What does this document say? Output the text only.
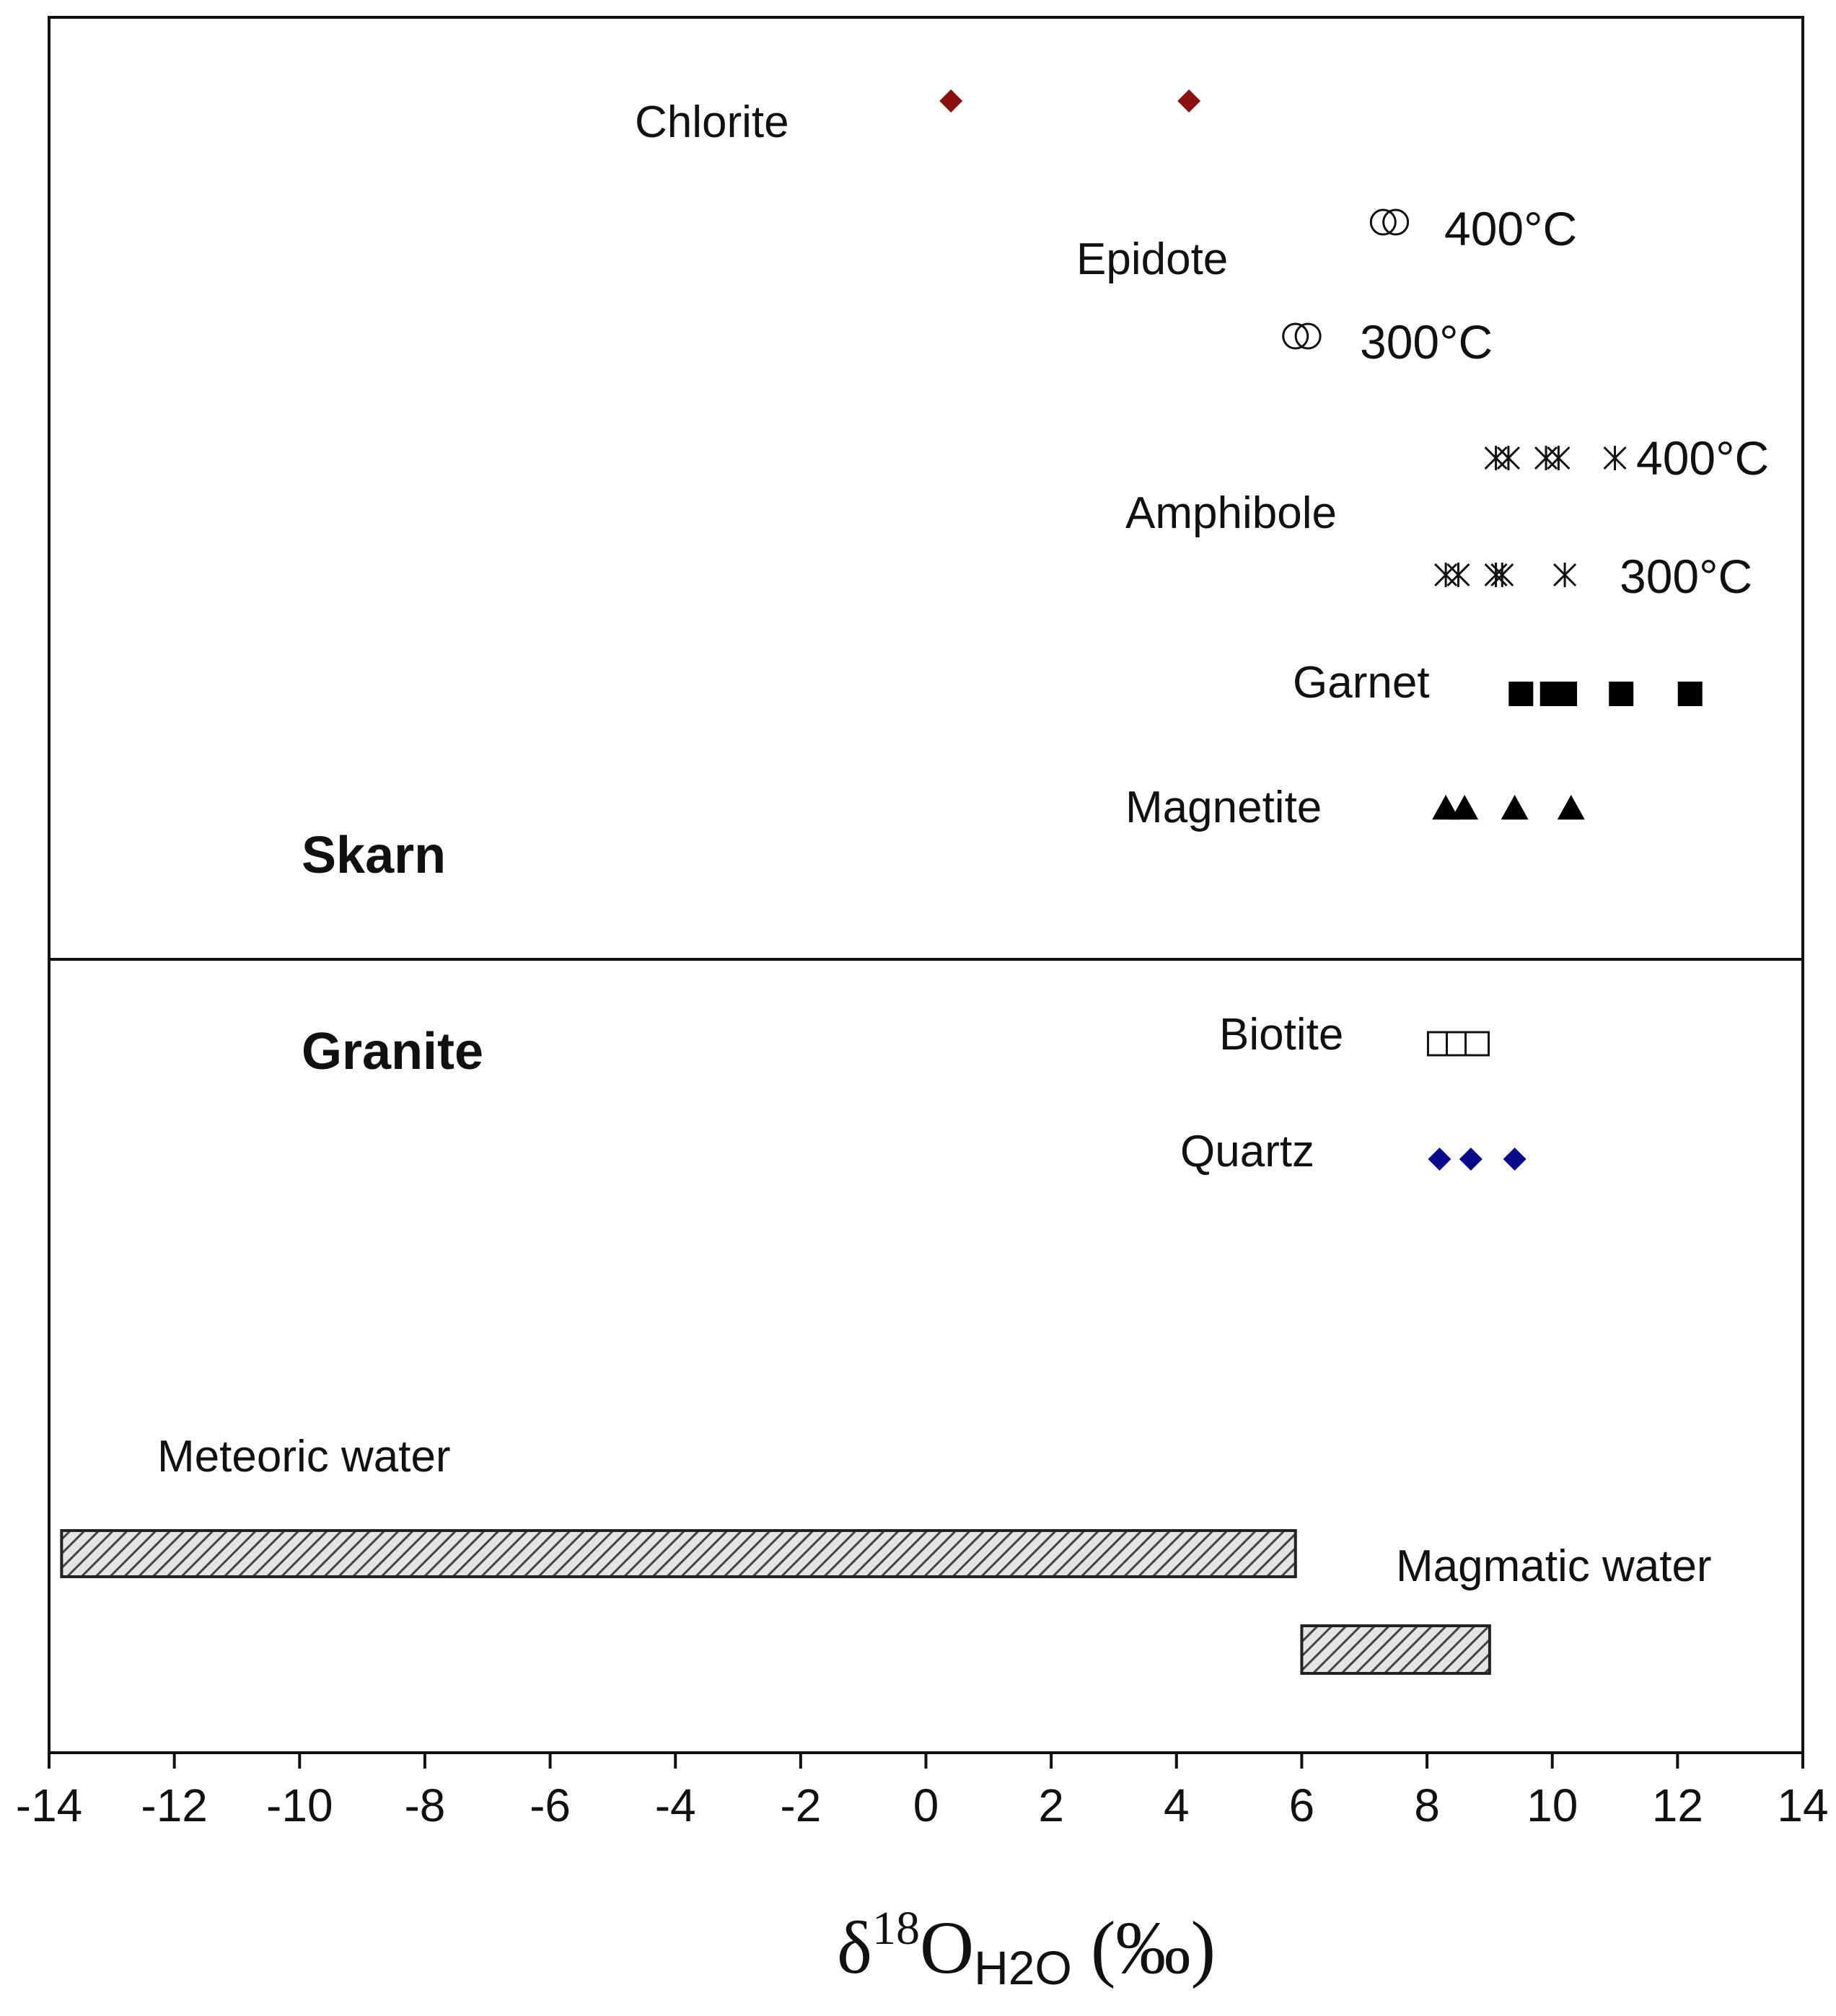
Skarn
Granite
Chlorite
Epidote
Amphibole
Garnet
Magnetite
Biotite
Quartz
400°C
300°C
400°C
300°C
Meteoric water
Magmatic water
-14 -12 -10 -8 -6 -4 -2 0 2 4 6 8 10 12 14
$\delta^{18}OH2O$ (‰)
